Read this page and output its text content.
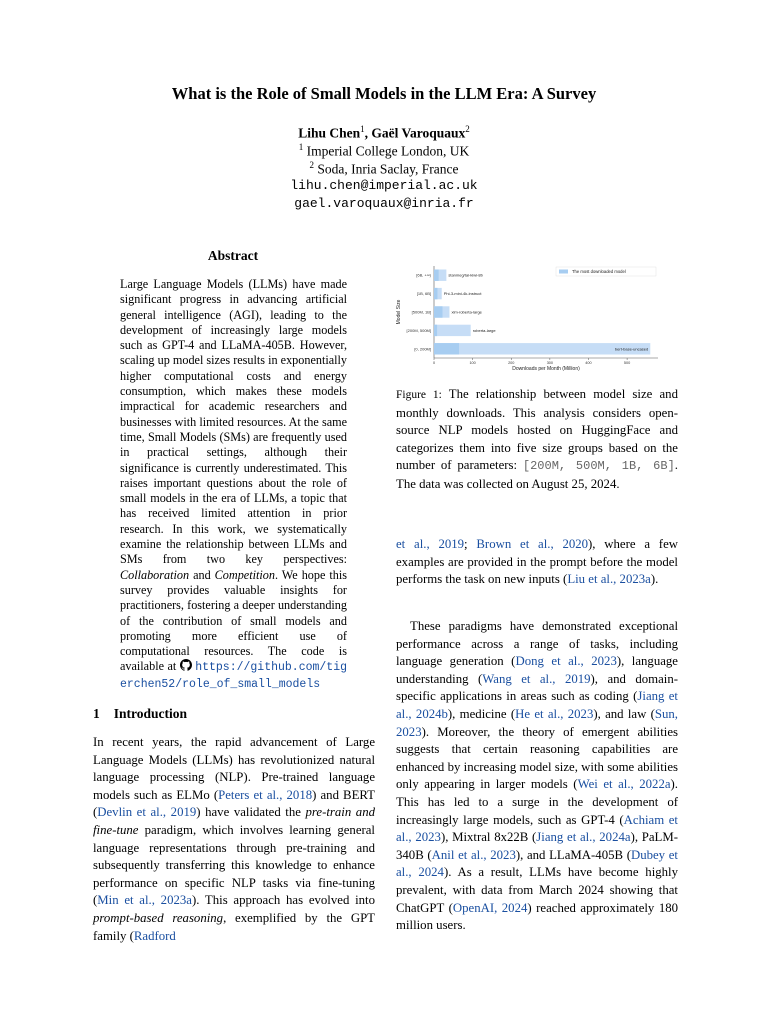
What is the Role of Small Models in the LLM Era: A Survey
Lihu Chen$^1$, Gaël Varoquaux$^2$
$^1$ Imperial College London, UK
$^2$ Soda, Inria Saclay, France
lihu.chen@imperial.ac.uk
gael.varoquaux@inria.fr
Abstract
Large Language Models (LLMs) have made significant progress in advancing artificial general intelligence (AGI), leading to the development of increasingly large models such as GPT-4 and LLaMA-405B. However, scaling up model sizes results in exponentially higher computational costs and energy consumption, which makes these models impractical for academic researchers and businesses with limited resources. At the same time, Small Models (SMs) are frequently used in practical settings, although their significance is currently underestimated. This raises important questions about the role of small models in the era of LLMs, a topic that has received limited attention in prior research. In this work, we systematically examine the relationship between LLMs and SMs from two key perspectives: Collaboration and Competition. We hope this survey provides valuable insights for practitioners, fostering a deeper understanding of the contribution of small models and promoting more efficient use of computational resources. The code is available at  https://github.com/tigerchen52/role_of_small_models
1 Introduction
In recent years, the rapid advancement of Large Language Models (LLMs) has revolutionized natural language processing (NLP). Pre-trained language models such as ELMo (Peters et al., 2018) and BERT (Devlin et al., 2019) have validated the pre-train and fine-tune paradigm, which involves learning general language representations through pre-training and subsequently transferring this knowledge to enhance performance on specific NLP tasks via fine-tuning (Min et al., 2023a). This approach has evolved into prompt-based reasoning, exemplified by the GPT family (Radford
[6B, +∞)	stanmeg/tai-kiwi-8b
[1B, 6B]	Phi-3-mini-4k-instruct
[500M, 1B]	xlm-roberta-large
[200M, 500M]	roberta-large
[0, 200M]	bert-base-uncased
0	100	200	300	400	500
Downloads per Month (Million)
Model Size
The most downloaded model
Figure 1: The relationship between model size and monthly downloads. This analysis considers open-source NLP models hosted on HuggingFace and categorizes them into five size groups based on the number of parameters: [200M, 500M, 1B, 6B]. The data was collected on August 25, 2024.
et al., 2019; Brown et al., 2020), where a few examples are provided in the prompt before the model performs the task on new inputs (Liu et al., 2023a).
These paradigms have demonstrated exceptional performance across a range of tasks, including language generation (Dong et al., 2023), language understanding (Wang et al., 2019), and domain-specific applications in areas such as coding (Jiang et al., 2024b), medicine (He et al., 2023), and law (Sun, 2023). Moreover, the theory of emergent abilities suggests that certain reasoning capabilities are enhanced by increasing model size, with some abilities only appearing in larger models (Wei et al., 2022a). This has led to a surge in the development of increasingly large models, such as GPT-4 (Achiam et al., 2023), Mixtral 8x22B (Jiang et al., 2024a), PaLM-340B (Anil et al., 2023), and LLaMA-405B (Dubey et al., 2024). As a result, LLMs have become highly prevalent, with data from March 2024 showing that ChatGPT (OpenAI, 2024) reached approximately 180 million users.
